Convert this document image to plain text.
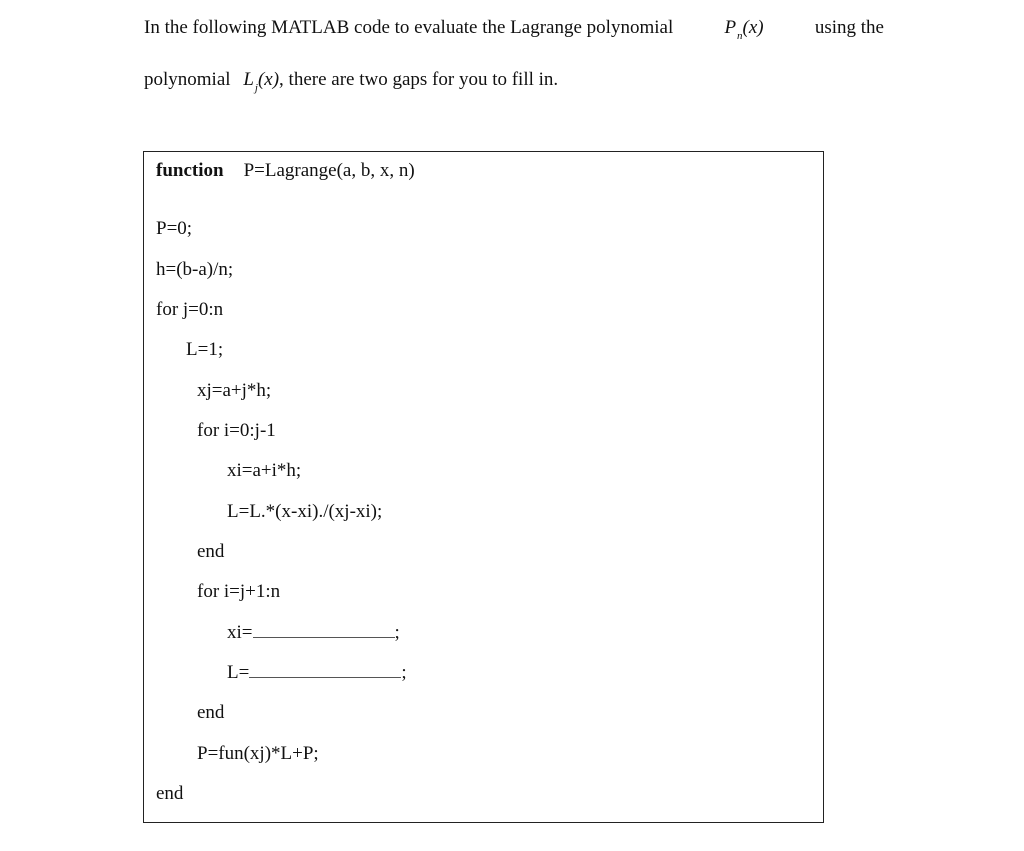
In the following MATLAB code to evaluate the Lagrange polynomial	$P_n(x)$	using the
polynomial $L_j(x)$, there are two gaps for you to fill in.
function P=Lagrange(a, b, x, n)
P=0;
h=(b-a)/n;
for j=0:n
L=1;
xj=a+j*h;
for i=0:j-1
xi=a+i*h;
L=L.*(x-xi)./(xj-xi);
end
for i=j+1:n
xi=	;
L=	;
end
P=fun(xj)*L+P;
end
